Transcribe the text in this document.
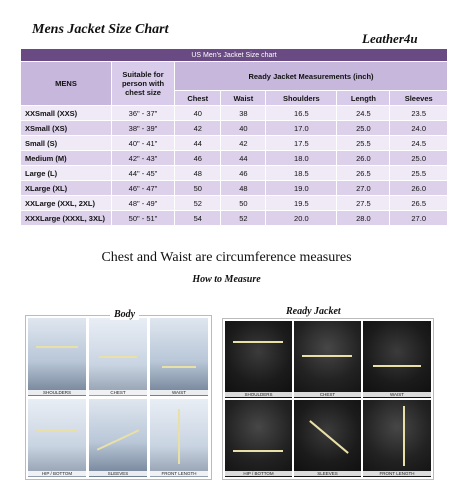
Mens Jacket Size Chart
Leather4u
US Men's Jacket Size chart						
MENS	Suitable for person with chest size	Ready Jacket Measurements (inch)				
		Chest	Waist	Shoulders	Length	Sleeves
XXSmall (XXS)	36" - 37"	40	38	16.5	24.5	23.5
XSmall (XS)	38" - 39"	42	40	17.0	25.0	24.0
Small (S)	40" - 41"	44	42	17.5	25.5	24.5
Medium (M)	42" - 43"	46	44	18.0	26.0	25.0
Large (L)	44" - 45"	48	46	18.5	26.5	25.5
XLarge (XL)	46" - 47"	50	48	19.0	27.0	26.0
XXLarge (XXL, 2XL)	48" - 49"	52	50	19.5	27.5	26.5
XXXLarge (XXXL, 3XL)	50" - 51"	54	52	20.0	28.0	27.0
Chest and Waist are circumference measures
How to Measure
SHOULDERS	CHEST	WAIST
HIP / BOTTOM	SLEEVES	FRONT LENGTH
Body
SHOULDERS	CHEST	WAIST
HIP / BOTTOM	SLEEVES	FRONT LENGTH
Ready Jacket
